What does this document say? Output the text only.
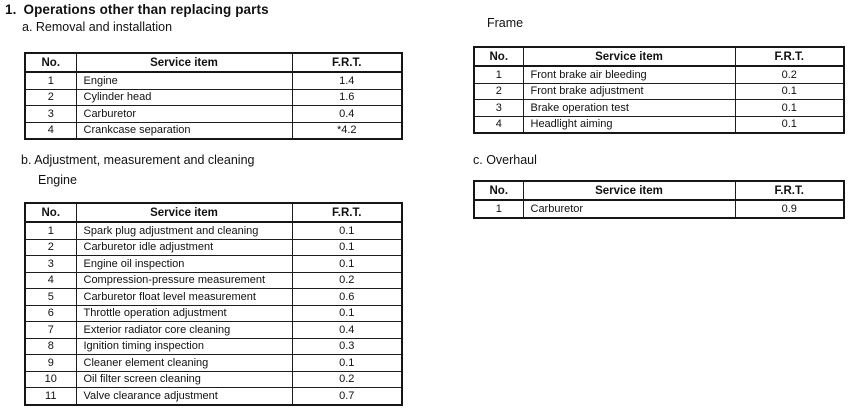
1. Operations other than replacing parts
a. Removal and installation	Frame
b. Adjustment, measurement and cleaning
Engine
c. Overhaul
No.	Service item	F.R.T.
1	Engine	1.4
2	Cylinder head	1.6
3	Carburetor	0.4
4	Crankcase separation	*4.2
No.	Service item	F.R.T.
1	Front brake air bleeding	0.2
2	Front brake adjustment	0.1
3	Brake operation test	0.1
4	Headlight aiming	0.1
No.	Service item	F.R.T.
1	Spark plug adjustment and cleaning	0.1
2	Carburetor idle adjustment	0.1
3	Engine oil inspection	0.1
4	Compression-pressure measurement	0.2
5	Carburetor float level measurement	0.6
6	Throttle operation adjustment	0.1
7	Exterior radiator core cleaning	0.4
8	Ignition timing inspection	0.3
9	Cleaner element cleaning	0.1
10	Oil filter screen cleaning	0.2
11	Valve clearance adjustment	0.7
No.	Service item	F.R.T.
1	Carburetor	0.9
